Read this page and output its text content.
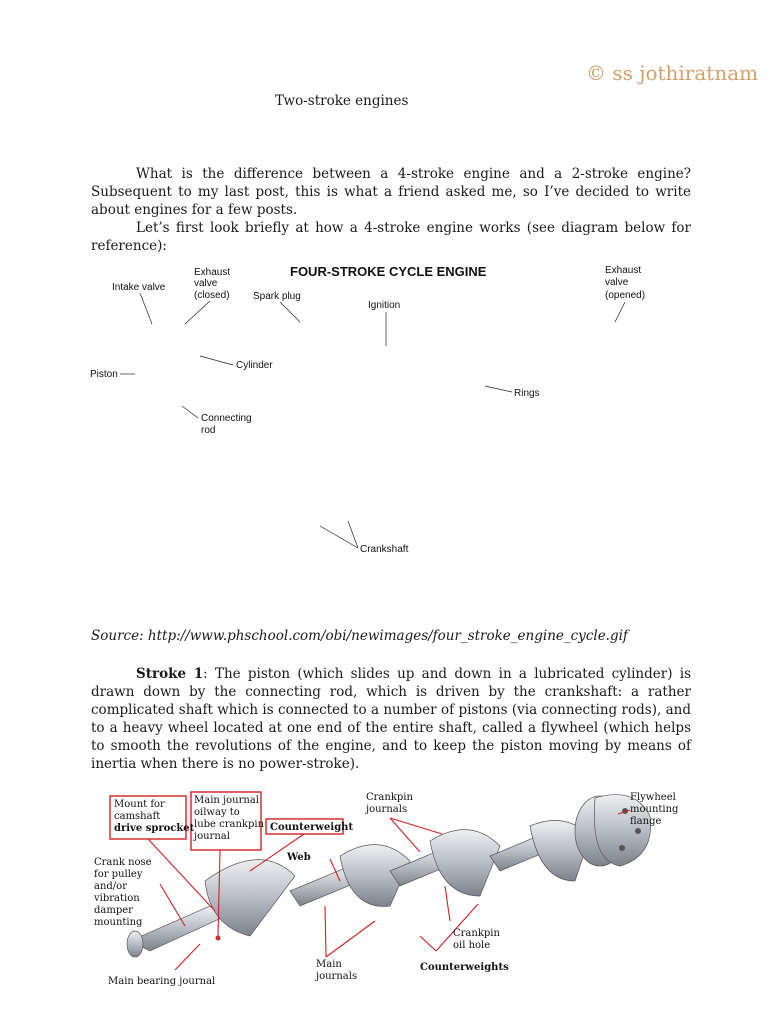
Two-stroke engines
© ss jothiratnam

What is the difference between a 4-stroke engine and a 2-stroke engine? Subsequent to my last post, this is what a friend asked me, so I’ve decided to write about engines for a few posts.

Let’s first look briefly at how a 4-stroke engine works (see diagram below for reference):

FOUR-STROKE CYCLE ENGINE
Intake valve
Exhaust
valve
(closed) Spark plug
Ignition
Exhaust
valve
(opened)
Cylinder
Piston
Rings
Connecting
rod
Crankshaft
Source: http://www.phschool.com/obi/newimages/four_stroke_engine_cycle.gif

Stroke 1: The piston (which slides up and down in a lubricated cylinder) is drawn down by the connecting rod, which is driven by the crankshaft: a rather complicated shaft which is connected to a number of pistons (via connecting rods), and to a heavy wheel located at one end of the entire shaft, called a flywheel (which helps to smooth the revolutions of the engine, and to keep the piston moving by means of inertia when there is no power-stroke).

Mount for
camshaft
drive sprocket
Main journal
oilway to
lube crankpin
journal
Counterweight
Crankpin
journals
Flywheel
mounting
flange
Web
Crank nose
for pulley
and/or
vibration
damper
mounting
Crankpin
oil hole
Main
journals
Counterweights
Main bearing journal
